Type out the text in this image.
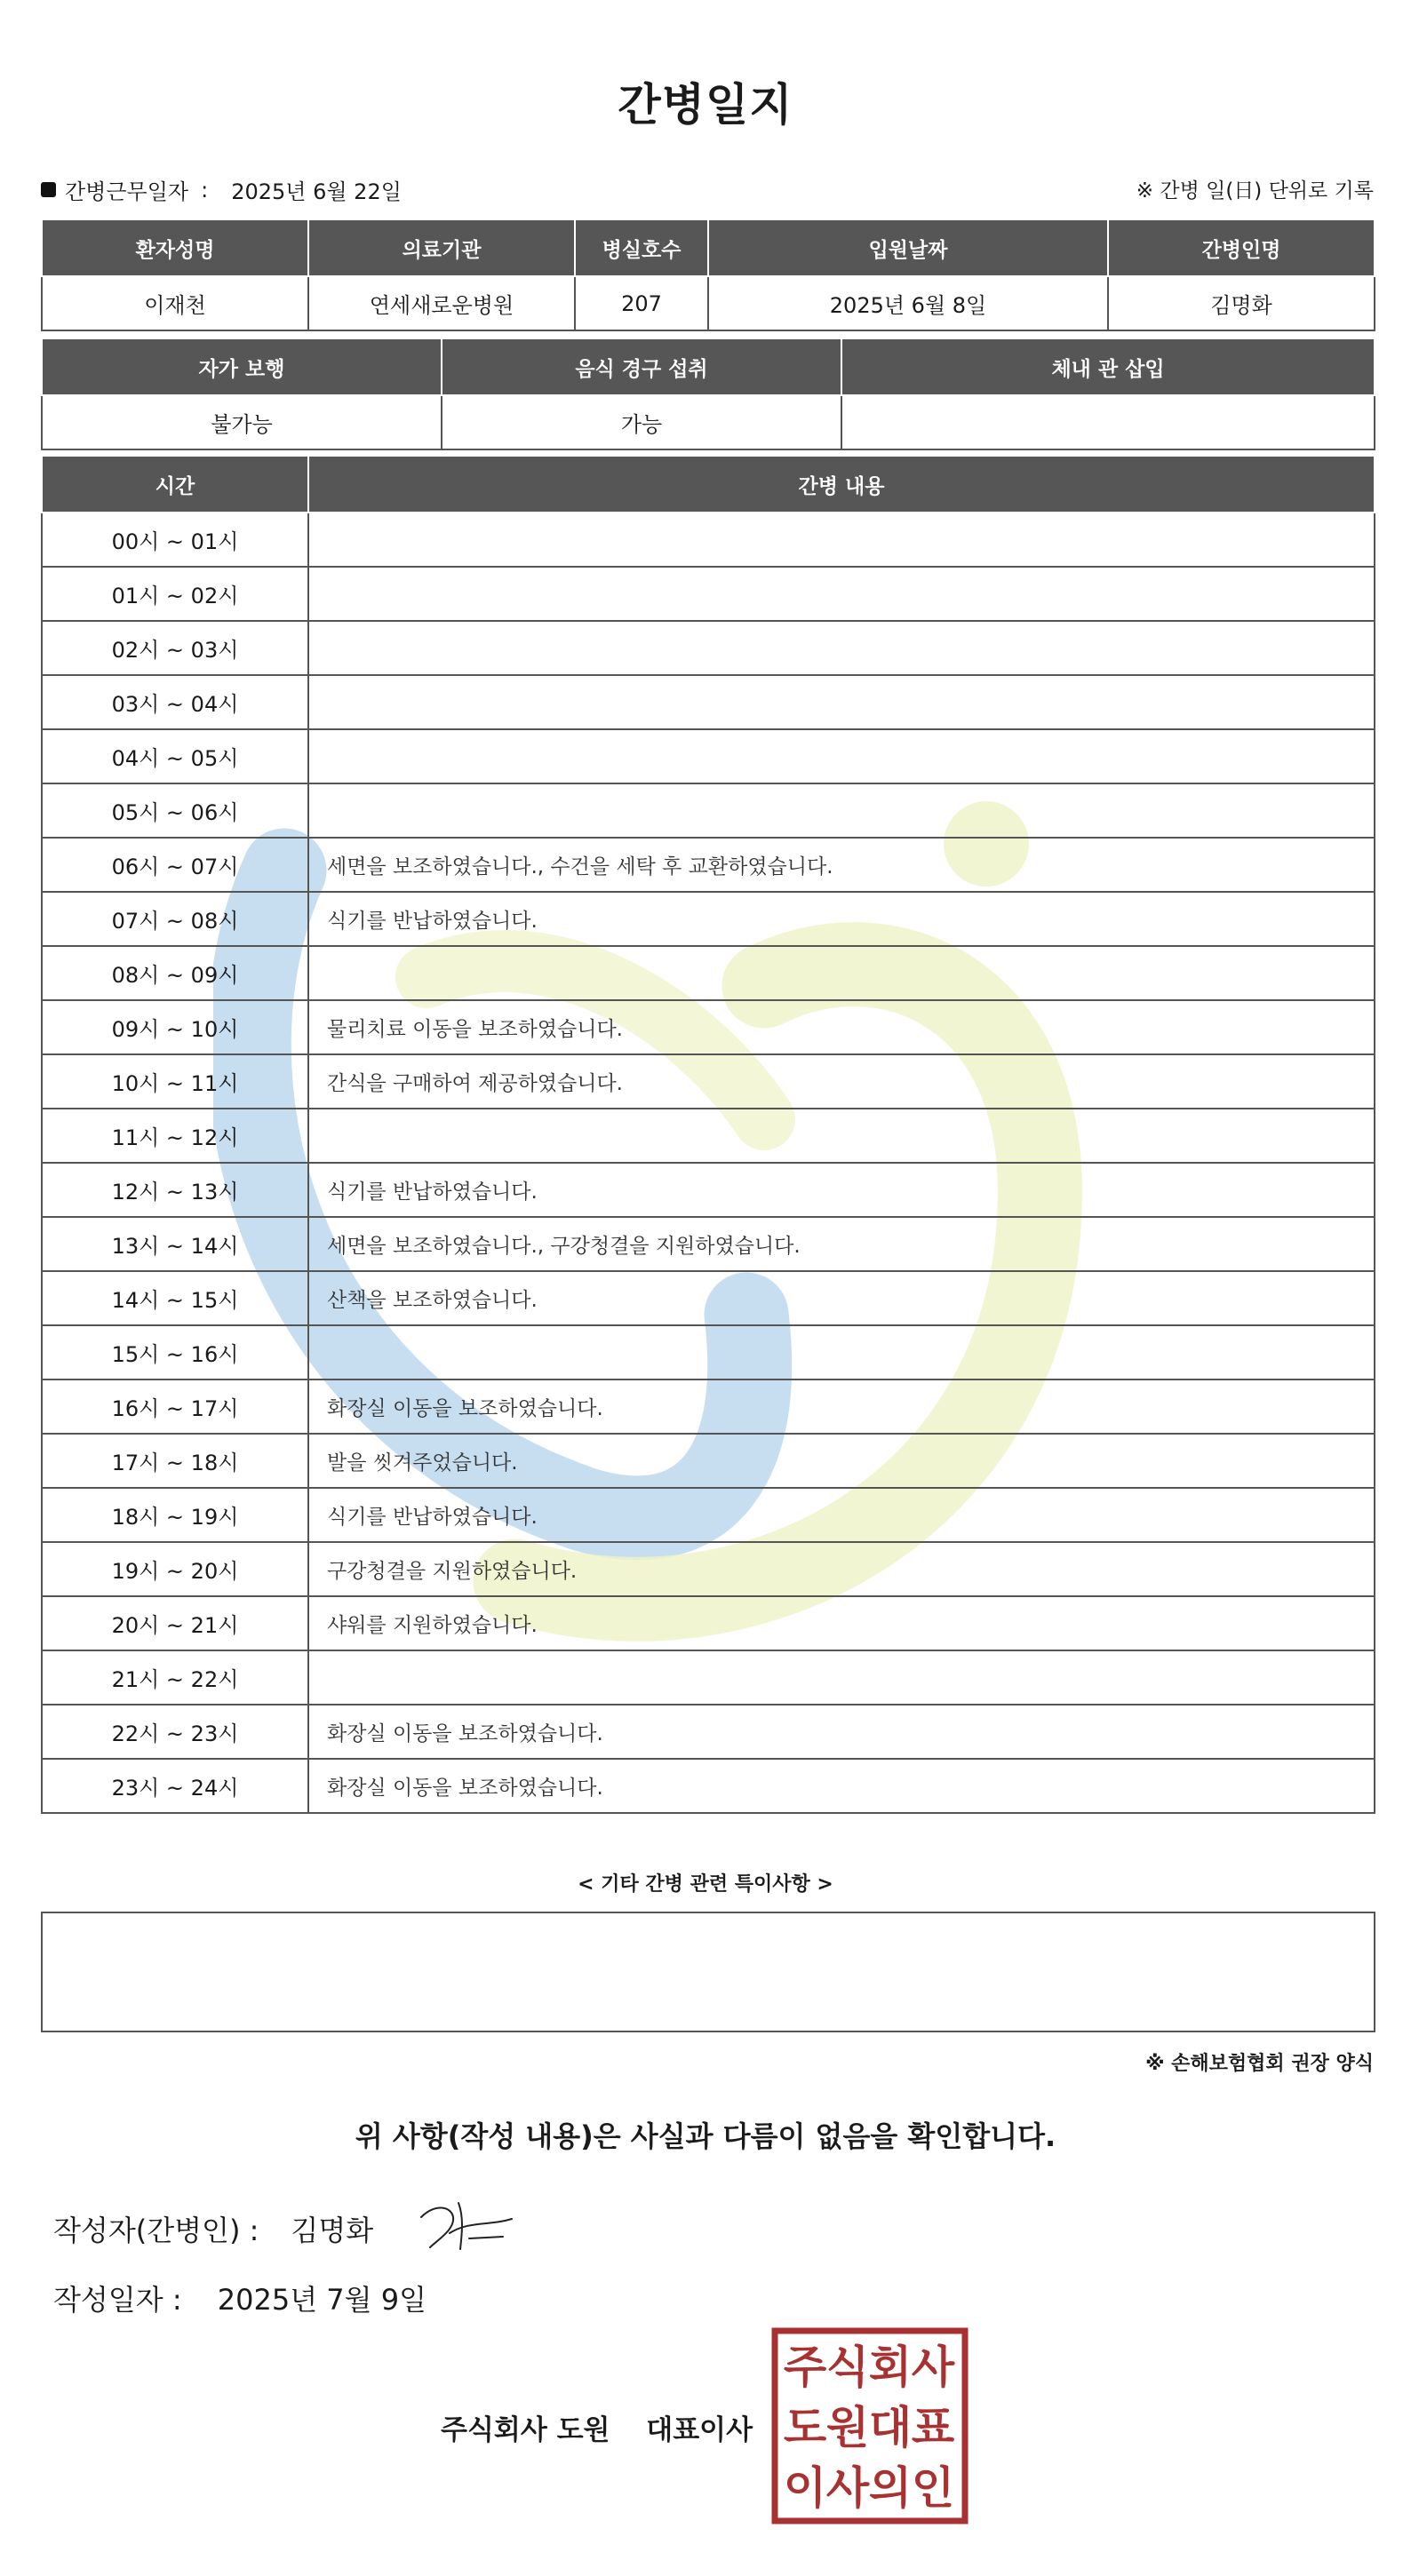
간병일지
간병근무일자 : 2025년 6월 22일	※ 간병 일(日) 단위로 기록
환자성명	의료기관	병실호수	입원날짜	간병인명
이재천	연세새로운병원	207	2025년 6월 8일	김명화
자가 보행	음식 경구 섭취	체내 관 삽입
불가능	가능	
시간	간병 내용
00시 ~ 01시	
01시 ~ 02시	
02시 ~ 03시	
03시 ~ 04시	
04시 ~ 05시	
05시 ~ 06시	
06시 ~ 07시	세면을 보조하였습니다., 수건을 세탁 후 교환하였습니다.
07시 ~ 08시	식기를 반납하였습니다.
08시 ~ 09시	
09시 ~ 10시	물리치료 이동을 보조하였습니다.
10시 ~ 11시	간식을 구매하여 제공하였습니다.
11시 ~ 12시	
12시 ~ 13시	식기를 반납하였습니다.
13시 ~ 14시	세면을 보조하였습니다., 구강청결을 지원하였습니다.
14시 ~ 15시	산책을 보조하였습니다.
15시 ~ 16시	
16시 ~ 17시	화장실 이동을 보조하였습니다.
17시 ~ 18시	발을 씻겨주었습니다.
18시 ~ 19시	식기를 반납하였습니다.
19시 ~ 20시	구강청결을 지원하였습니다.
20시 ~ 21시	샤워를 지원하였습니다.
21시 ~ 22시	
22시 ~ 23시	화장실 이동을 보조하였습니다.
23시 ~ 24시	화장실 이동을 보조하였습니다.
< 기타 간병 관련 특이사항 >
※ 손해보험협회 권장 양식
위 사항(작성 내용)은 사실과 다름이 없음을 확인합니다.
작성자(간병인) : 김명화
작성일자 : 2025년 7월 9일
주식회사 도원 대표이사
주 식 회 사
도 원 대 표
이 사 의 인
